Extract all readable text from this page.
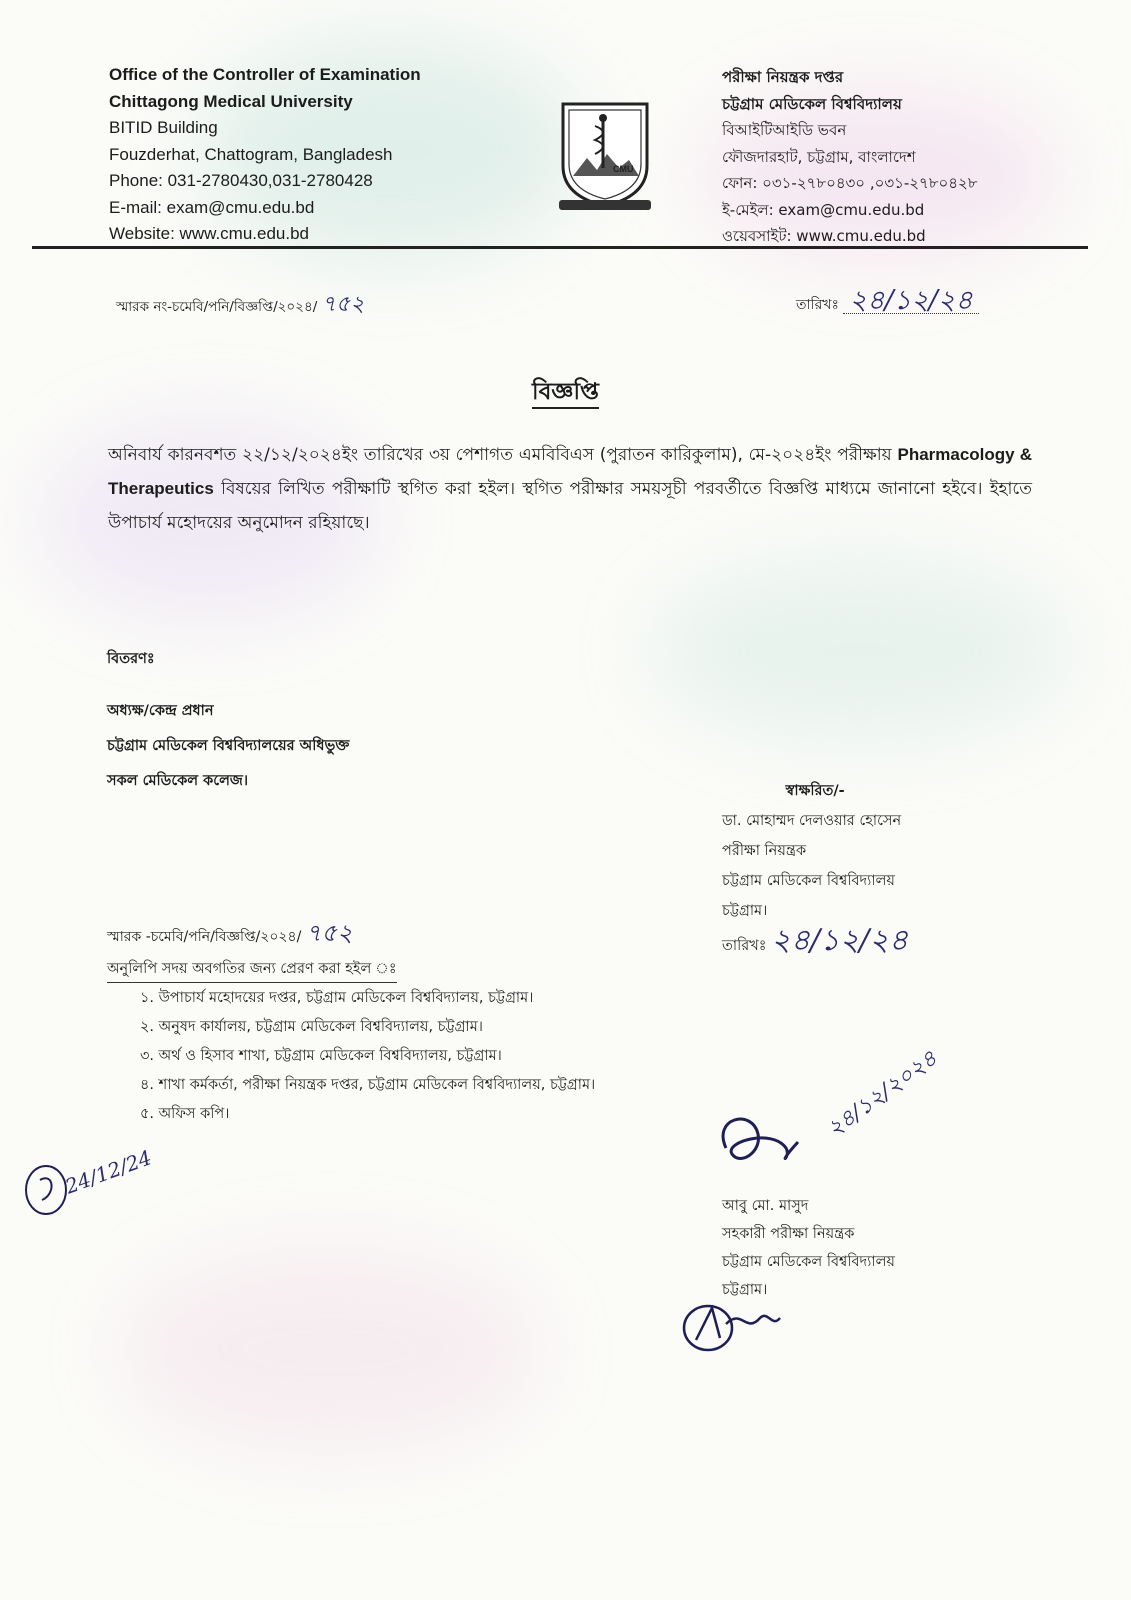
Office of the Controller of Examination
Chittagong Medical University
BITID Building
Fouzderhat, Chattogram, Bangladesh
Phone: 031-2780430,031-2780428
E-mail: exam@cmu.edu.bd
Website: www.cmu.edu.bd
CMU
পরীক্ষা নিয়ন্ত্রক দপ্তর
চট্টগ্রাম মেডিকেল বিশ্ববিদ্যালয়
বিআইটিআইডি ভবন
ফৌজদারহাট, চট্টগ্রাম, বাংলাদেশ
ফোন: ০৩১-২৭৮০৪৩০ ,০৩১-২৭৮০৪২৮
ই-মেইল: exam@cmu.edu.bd
ওয়েবসাইট: www.cmu.edu.bd
স্মারক নং-চমেবি/পনি/বিজ্ঞপ্তি/২০২৪/ ৭৫২	তারিখঃ ২৪/১২/২৪
বিজ্ঞপ্তি
অনিবার্য কারনবশত ২২/১২/২০২৪ইং তারিখের ৩য় পেশাগত এমবিবিএস (পুরাতন কারিকুলাম), মে-২০২৪ইং পরীক্ষায় Pharmacology & Therapeutics বিষয়ের লিখিত পরীক্ষাটি স্থগিত করা হইল। স্থগিত পরীক্ষার সময়সূচী পরবর্তীতে বিজ্ঞপ্তি মাধ্যমে জানানো হইবে। ইহাতে উপাচার্য মহোদয়ের অনুমোদন রহিয়াছে।
বিতরণঃ
অধ্যক্ষ/কেন্দ্র প্রধান
চট্টগ্রাম মেডিকেল বিশ্ববিদ্যালয়ের অধিভুক্ত
সকল মেডিকেল কলেজ।
স্বাক্ষরিত/-
ডা. মোহাম্মদ দেলওয়ার হোসেন
পরীক্ষা নিয়ন্ত্রক
চট্টগ্রাম মেডিকেল বিশ্ববিদ্যালয়
চট্টগ্রাম।
তারিখঃ ২৪/১২/২৪
স্মারক -চমেবি/পনি/বিজ্ঞপ্তি/২০২৪/ ৭৫২
অনুলিপি সদয় অবগতির জন্য প্রেরণ করা হইল ঃ
১. উপাচার্য মহোদয়ের দপ্তর, চট্টগ্রাম মেডিকেল বিশ্ববিদ্যালয়, চট্টগ্রাম।
২. অনুষদ কার্যালয়, চট্টগ্রাম মেডিকেল বিশ্ববিদ্যালয়, চট্টগ্রাম।
৩. অর্থ ও হিসাব শাখা, চট্টগ্রাম মেডিকেল বিশ্ববিদ্যালয়, চট্টগ্রাম।
৪. শাখা কর্মকর্তা, পরীক্ষা নিয়ন্ত্রক দপ্তর, চট্টগ্রাম মেডিকেল বিশ্ববিদ্যালয়, চট্টগ্রাম।
৫. অফিস কপি।	২৪/১২/২০২৪
আবু মো. মাসুদ
সহকারী পরীক্ষা নিয়ন্ত্রক
চট্টগ্রাম মেডিকেল বিশ্ববিদ্যালয়
চট্টগ্রাম।
24/12/24
